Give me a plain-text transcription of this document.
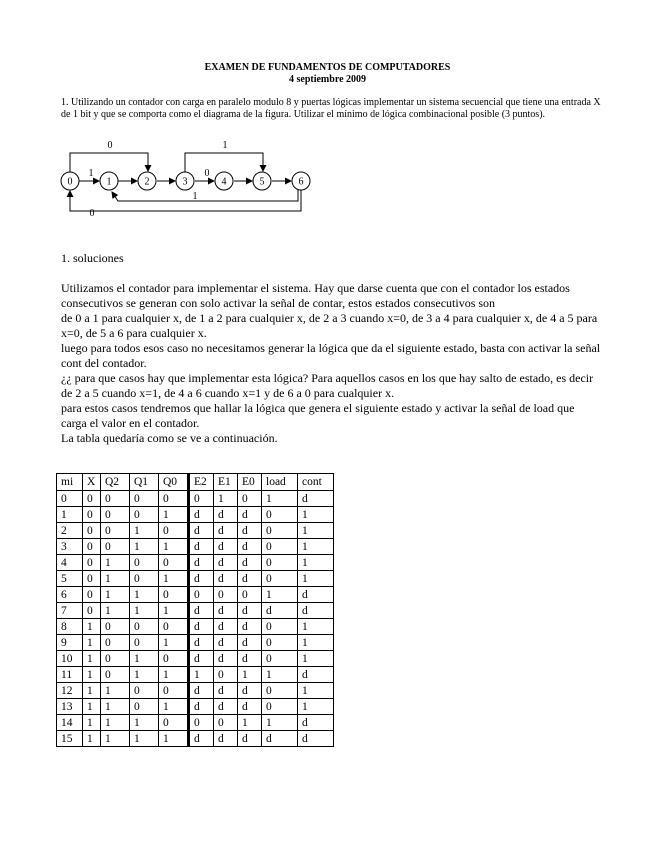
EXAMEN DE FUNDAMENTOS DE COMPUTADORES
4 septiembre 2009
1. Utilizando un contador con carga en paralelo modulo 8 y puertas lógicas implementar un sistema secuencial que tiene una entrada X de 1 bit y que se comporta como el diagrama de la figura. Utilizar el mínimo de lógica combinacional posible (3 puntos).
0	1	2	3	4	5	6
1
0
0
1
1
0
1. soluciones

Utilizamos el contador para implementar el sistema. Hay que darse cuenta que con el contador los estados consecutivos se generan con solo activar la señal de contar, estos estados consecutivos son

de 0 a 1 para cualquier x, de 1 a 2 para cualquier x, de 2 a 3 cuando x=0, de 3 a 4 para cualquier x, de 4 a 5 para x=0, de 5 a 6 para cualquier x.

luego para todos esos caso no necesitamos generar la lógica que da el siguiente estado, basta con activar la señal cont del contador.

¿¿ para que casos hay que implementar esta lógica? Para aquellos casos en los que hay salto de estado, es decir

de 2 a 5 cuando x=1, de 4 a 6 cuando x=1 y de 6 a 0 para cualquier x.

para estos casos tendremos que hallar la lógica que genera el siguiente estado y activar la señal de load que carga el valor en el contador.

La tabla quedaría como se ve a continuación.

mi	X	Q2	Q1	Q0	E2	E1	E0	load	cont
0	0	0	0	0	0	1	0	1	d
1	0	0	0	1	d	d	d	0	1
2	0	0	1	0	d	d	d	0	1
3	0	0	1	1	d	d	d	0	1
4	0	1	0	0	d	d	d	0	1
5	0	1	0	1	d	d	d	0	1
6	0	1	1	0	0	0	0	1	d
7	0	1	1	1	d	d	d	d	d
8	1	0	0	0	d	d	d	0	1
9	1	0	0	1	d	d	d	0	1
10	1	0	1	0	d	d	d	0	1
11	1	0	1	1	1	0	1	1	d
12	1	1	0	0	d	d	d	0	1
13	1	1	0	1	d	d	d	0	1
14	1	1	1	0	0	0	1	1	d
15	1	1	1	1	d	d	d	d	d
